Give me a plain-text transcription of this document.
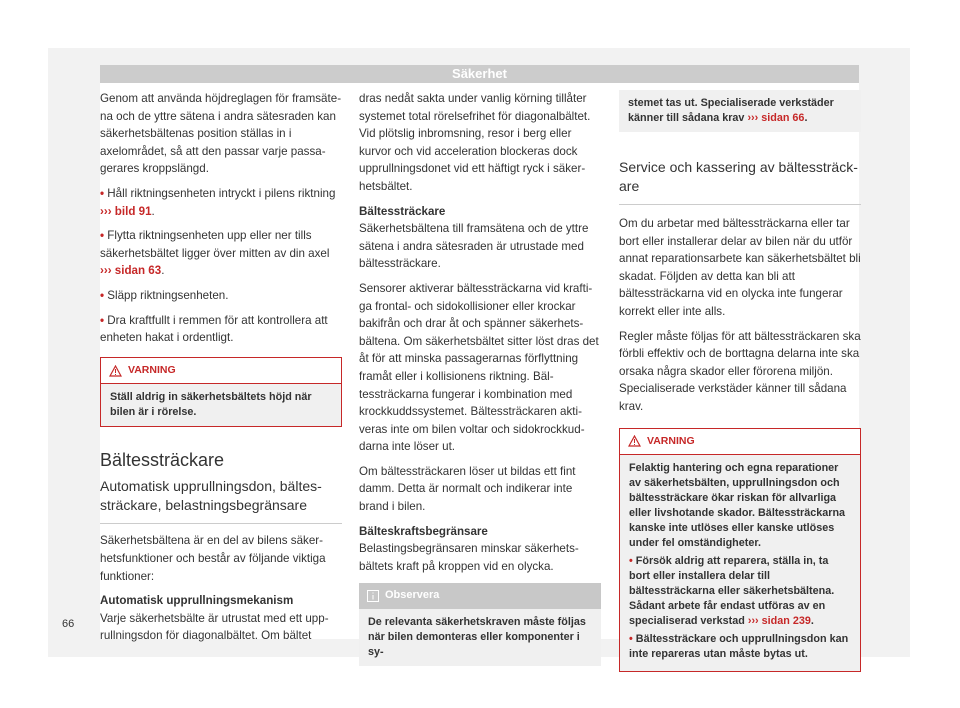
Säkerhet

Genom att använda höjdreglagen för framsätena och de yttre sätena i andra sätesraden kan säkerhetsbältenas position ställas in i axelområdet, så att den passar varje passagerares kroppslängd.

• Håll riktningsenheten intryckt i pilens riktning ››› bild 91.

• Flytta riktningsenheten upp eller ner tills säkerhetsbältet ligger över mitten av din axel ››› sidan 63.

• Släpp riktningsenheten.

• Dra kraftfullt i remmen för att kontrollera att enheten hakat i ordentligt.

VARNING
Ställ aldrig in säkerhetsbältets höjd när bilen är i rörelse.
Bältessträckare
Automatisk upprullningsdon, bältessträckare, belastningsbegränsare

Säkerhetsbältena är en del av bilens säkerhetsfunktioner och består av följande viktiga funktioner:

Automatisk upprullningsmekanism

Varje säkerhetsbälte är utrustat med ett upprullningsdon för diagonalbältet. Om bältet

dras nedåt sakta under vanlig körning tillåter systemet total rörelsefrihet för diagonalbältet. Vid plötslig inbromsning, resor i berg eller kurvor och vid acceleration blockeras dock upprullningsdonet vid ett häftigt ryck i säkerhetsbältet.

Bältessträckare

Säkerhetsbältena till framsätena och de yttre sätena i andra sätesraden är utrustade med bältessträckare.

Sensorer aktiverar bältessträckarna vid kraftiga frontal- och sidokollisioner eller krockar bakifrån och drar åt och spänner säkerhetsbältena. Om säkerhetsbältet sitter löst dras det åt för att minska passagerarnas förflyttning framåt eller i kollisionens riktning. Bältessträckarna fungerar i kombination med krockkuddssystemet. Bältessträckaren aktiveras inte om bilen voltar och sidokrockkuddarna inte löser ut.

Om bältessträckaren löser ut bildas ett fint damm. Detta är normalt och indikerar inte brand i bilen.

Bälteskraftsbegränsare

Belastingsbegränsaren minskar säkerhetsbältets kraft på kroppen vid en olycka.

Observera
De relevanta säkerhetskraven måste följas när bilen demonteras eller komponenter i sy-
stemet tas ut. Specialiserade verkstäder känner till sådana krav ››› sidan 66.
Service och kassering av bältessträckare

Om du arbetar med bältessträckarna eller tar bort eller installerar delar av bilen när du utför annat reparationsarbete kan säkerhetsbältet bli skadat. Följden av detta kan bli att bältessträckarna vid en olycka inte fungerar korrekt eller inte alls.

Regler måste följas för att bältessträckaren ska förbli effektiv och de borttagna delarna inte ska orsaka några skador eller förorena miljön. Specialiserade verkstäder känner till sådana krav.

VARNING

Felaktig hantering och egna reparationer av säkerhetsbälten, upprullningsdon och bältessträckare ökar riskan för allvarliga eller livshotande skador. Bältessträckarna kanske inte utlöses eller kanske utlöses under fel omständigheter.

• Försök aldrig att reparera, ställa in, ta bort eller installera delar till bältessträckarna eller säkerhetsbältena. Sådant arbete får endast utföras av en specialiserad verkstad ››› sidan 239.

• Bältessträckare och upprullningsdon kan inte repareras utan måste bytas ut.

66
